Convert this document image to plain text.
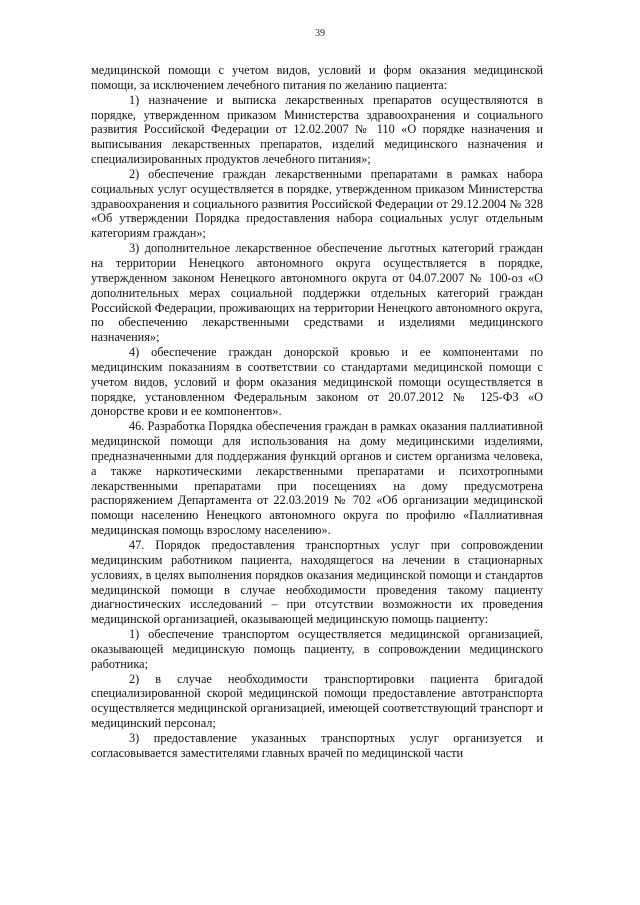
39

медицинской помощи с учетом видов, условий и форм оказания медицинской помощи, за исключением лечебного питания по желанию пациента:

1) назначение и выписка лекарственных препаратов осуществляются в порядке, утвержденном приказом Министерства здравоохранения и социального развития Российской Федерации от 12.02.2007 № 110 «О порядке назначения и выписывания лекарственных препаратов, изделий медицинского назначения и специализированных продуктов лечебного питания»;

2) обеспечение граждан лекарственными препаратами в рамках набора социальных услуг осуществляется в порядке, утвержденном приказом Министерства здравоохранения и социального развития Российской Федерации от 29.12.2004 № 328 «Об утверждении Порядка предоставления набора социальных услуг отдельным категориям граждан»;

3) дополнительное лекарственное обеспечение льготных категорий граждан на территории Ненецкого автономного округа осуществляется в порядке, утвержденном законом Ненецкого автономного округа от 04.07.2007 № 100-оз «О дополнительных мерах социальной поддержки отдельных категорий граждан Российской Федерации, проживающих на территории Ненецкого автономного округа, по обеспечению лекарственными средствами и изделиями медицинского назначения»;

4) обеспечение граждан донорской кровью и ее компонентами по медицинским показаниям в соответствии со стандартами медицинской помощи с учетом видов, условий и форм оказания медицинской помощи осуществляется в порядке, установленном Федеральным законом от 20.07.2012 № 125-ФЗ «О донорстве крови и ее компонентов».

46. Разработка Порядка обеспечения граждан в рамках оказания паллиативной медицинской помощи для использования на дому медицинскими изделиями, предназначенными для поддержания функций органов и систем организма человека, а также наркотическими лекарственными препаратами и психотропными лекарственными препаратами при посещениях на дому предусмотрена распоряжением Департамента от 22.03.2019 № 702 «Об организации медицинской помощи населению Ненецкого автономного округа по профилю «Паллиативная медицинская помощь взрослому населению».

47. Порядок предоставления транспортных услуг при сопровождении медицинским работником пациента, находящегося на лечении в стационарных условиях, в целях выполнения порядков оказания медицинской помощи и стандартов медицинской помощи в случае необходимости проведения такому пациенту диагностических исследований – при отсутствии возможности их проведения медицинской организацией, оказывающей медицинскую помощь пациенту:

1) обеспечение транспортом осуществляется медицинской организацией, оказывающей медицинскую помощь пациенту, в сопровождении медицинского работника;

2) в случае необходимости транспортировки пациента бригадой специализированной скорой медицинской помощи предоставление автотранспорта осуществляется медицинской организацией, имеющей соответствующий транспорт и медицинский персонал;

3) предоставление указанных транспортных услуг организуется и согласовывается заместителями главных врачей по медицинской части
